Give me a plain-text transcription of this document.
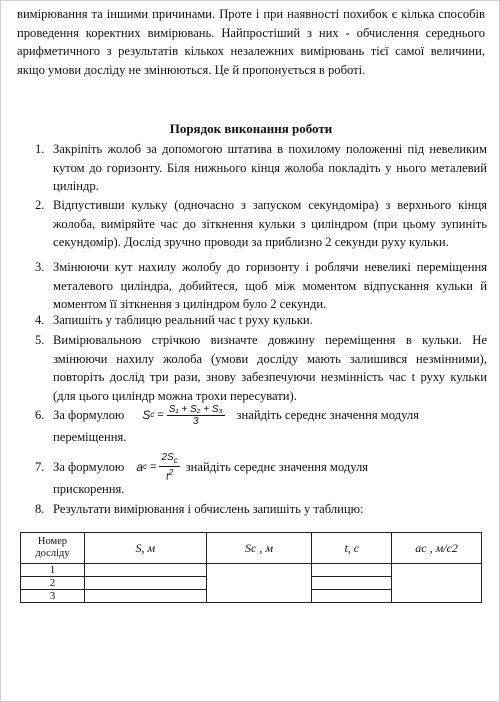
вимірювання та іншими причинами. Проте і при наявності похибок є кілька способів проведення коректних вимірювань. Найпростіший з них - обчислення середнього арифметичного з результатів кількох незалежних вимірювань тієї самої величини, якщо умови досліду не змінюються. Це й пропонується в роботі.
Порядок виконання роботи
1. Закріпіть жолоб за допомогою штатива в похилому положенні під невеликим кутом до горизонту. Біля нижнього кінця жолоба покладіть у нього металевий циліндр.
2. Відпустивши кульку (одночасно з запуском секундоміра) з верхнього кінця жолоба, виміряйте час до зіткнення кульки з циліндром (при цьому зупиніть секундомір). Дослід зручно проводи за приблизно 2 секунди руху кульки.
3. Змінюючи кут нахилу жолобу до горизонту і роблячи невеликі переміщення металевого циліндра, добийтеся, щоб між моментом відпускання кульки й моментом її зіткнення з циліндром було 2 секунди.
4. Запишіть у таблицю реальний час t руху кульки.
5. Вимірювальною стрічкою визначте довжину переміщення в кульки. Не змінюючи нахилу жолоба (умови досліду мають залишився незмінними), повторіть дослід три рази, знову забезпечуючи незмінність час t руху кульки (для цього циліндр можна трохи пересувати).
6. За формулою S $c = \frac{\text{S₁ + S₂ + S₃}}{3}$ знайдіть середнє значення модуля
переміщення.
7. За формулою a $c = \frac{2S_c}{t^2}$ знайдіть середнє значення модуля
прискорення.
8. Результати вимірювання і обчислень запишіть у таблицю:
Номер досліду	S, м	Sc , м	t, с	ac , м/с2
1				
2				
3				
